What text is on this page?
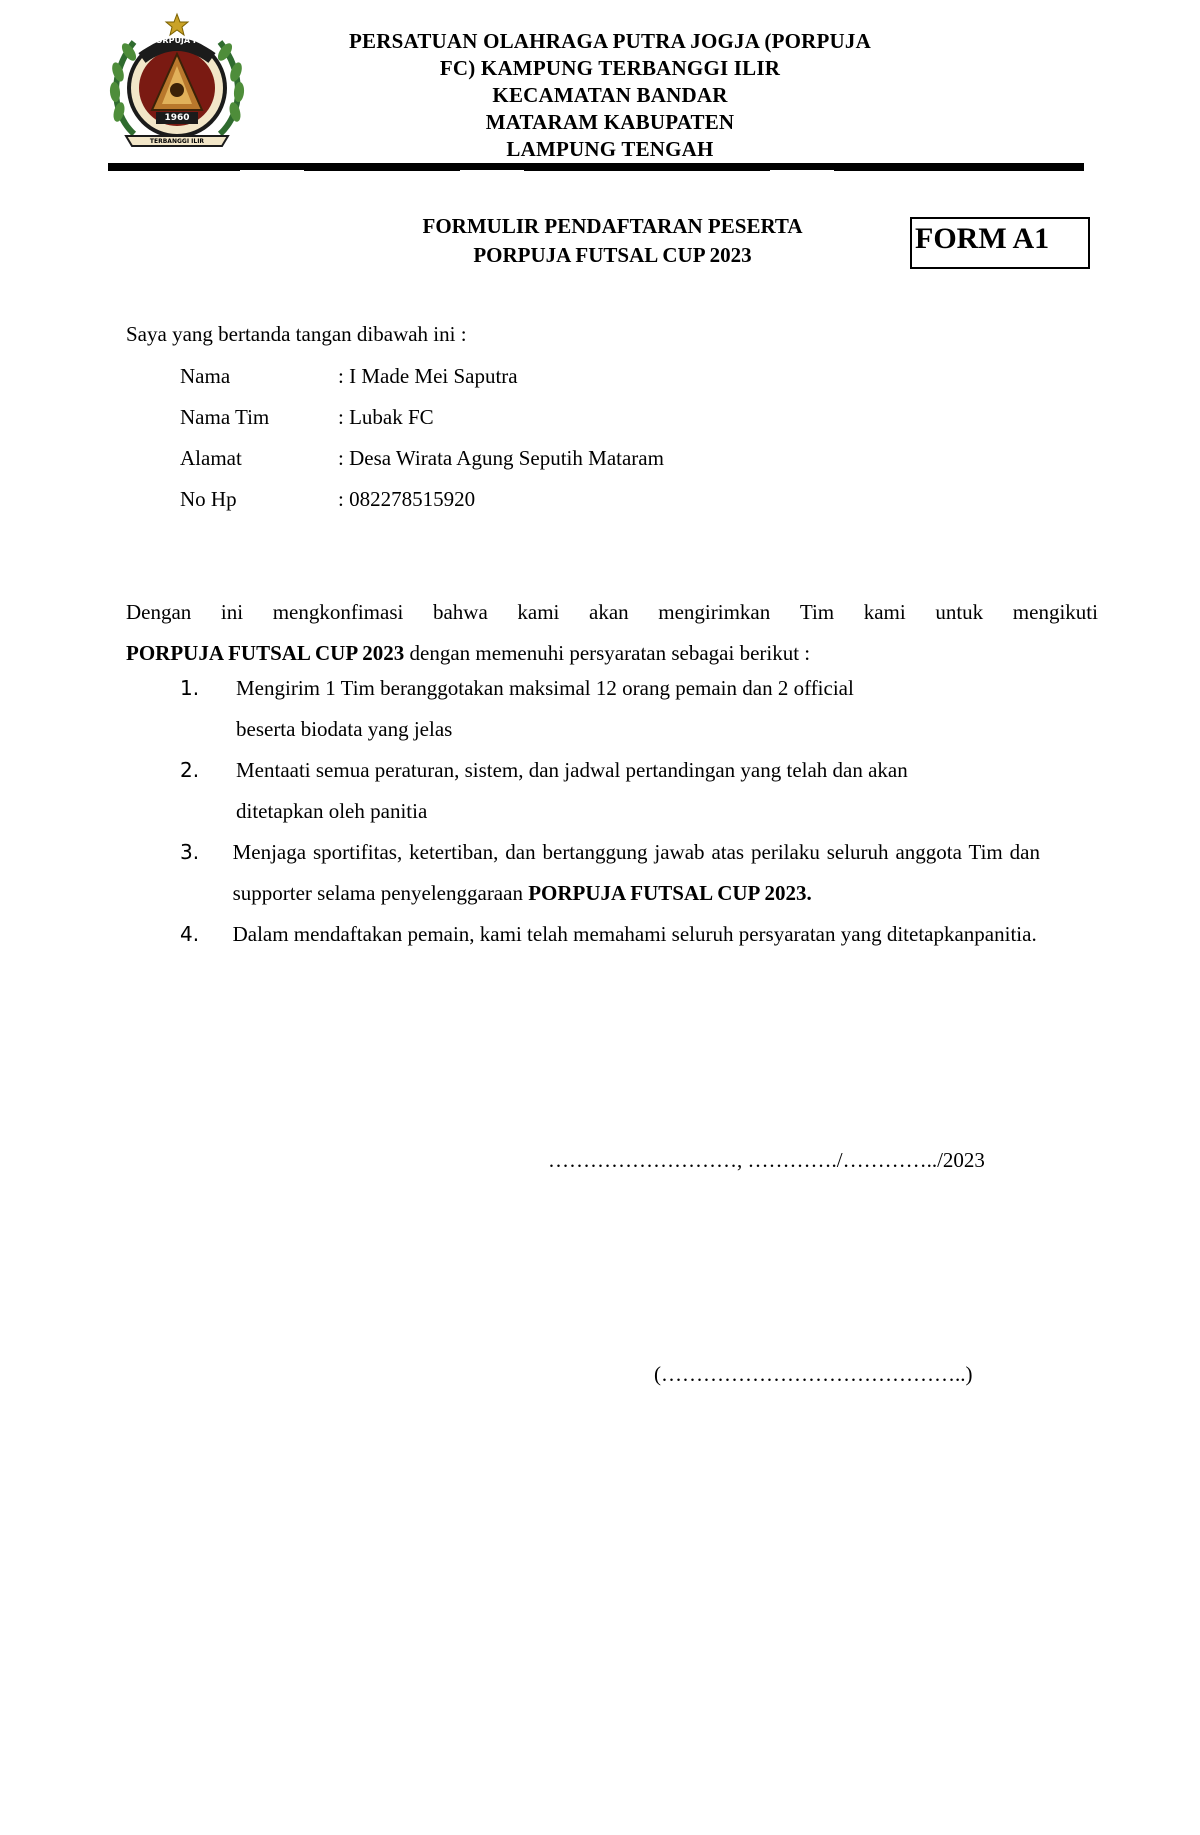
PORPUJA FC
1960
TERBANGGI ILIR
PERSATUAN OLAHRAGA PUTRA JOGJA (PORPUJA
FC) KAMPUNG TERBANGGI ILIR
KECAMATAN BANDAR
MATARAM KABUPATEN
LAMPUNG TENGAH
FORMULIR PENDAFTARAN PESERTA
PORPUJA FUTSAL CUP 2023	FORM A1
Saya yang bertanda tangan dibawah ini :
Nama	: I Made Mei Saputra
Nama Tim	: Lubak FC
Alamat	: Desa Wirata Agung Seputih Mataram
No Hp	: 082278515920
Dengan ini mengkonfimasi bahwa kami akan mengirimkan Tim kami untuk mengikuti
PORPUJA FUTSAL CUP 2023 dengan memenuhi persyaratan sebagai berikut :
1.	Mengirim 1 Tim beranggotakan maksimal 12 orang pemain dan 2 official
beserta biodata yang jelas
2.	Mentaati semua peraturan, sistem, dan jadwal pertandingan yang telah dan akan
ditetapkan oleh panitia
3.	Menjaga sportifitas, ketertiban, dan bertanggung jawab atas perilaku seluruh anggota Tim dan supporter selama penyelenggaraan PORPUJA FUTSAL CUP 2023.
4.	Dalam mendaftakan pemain, kami telah memahami seluruh persyaratan yang ditetapkanpanitia.
………………………, …………./…………../2023
(……………………………………..)
